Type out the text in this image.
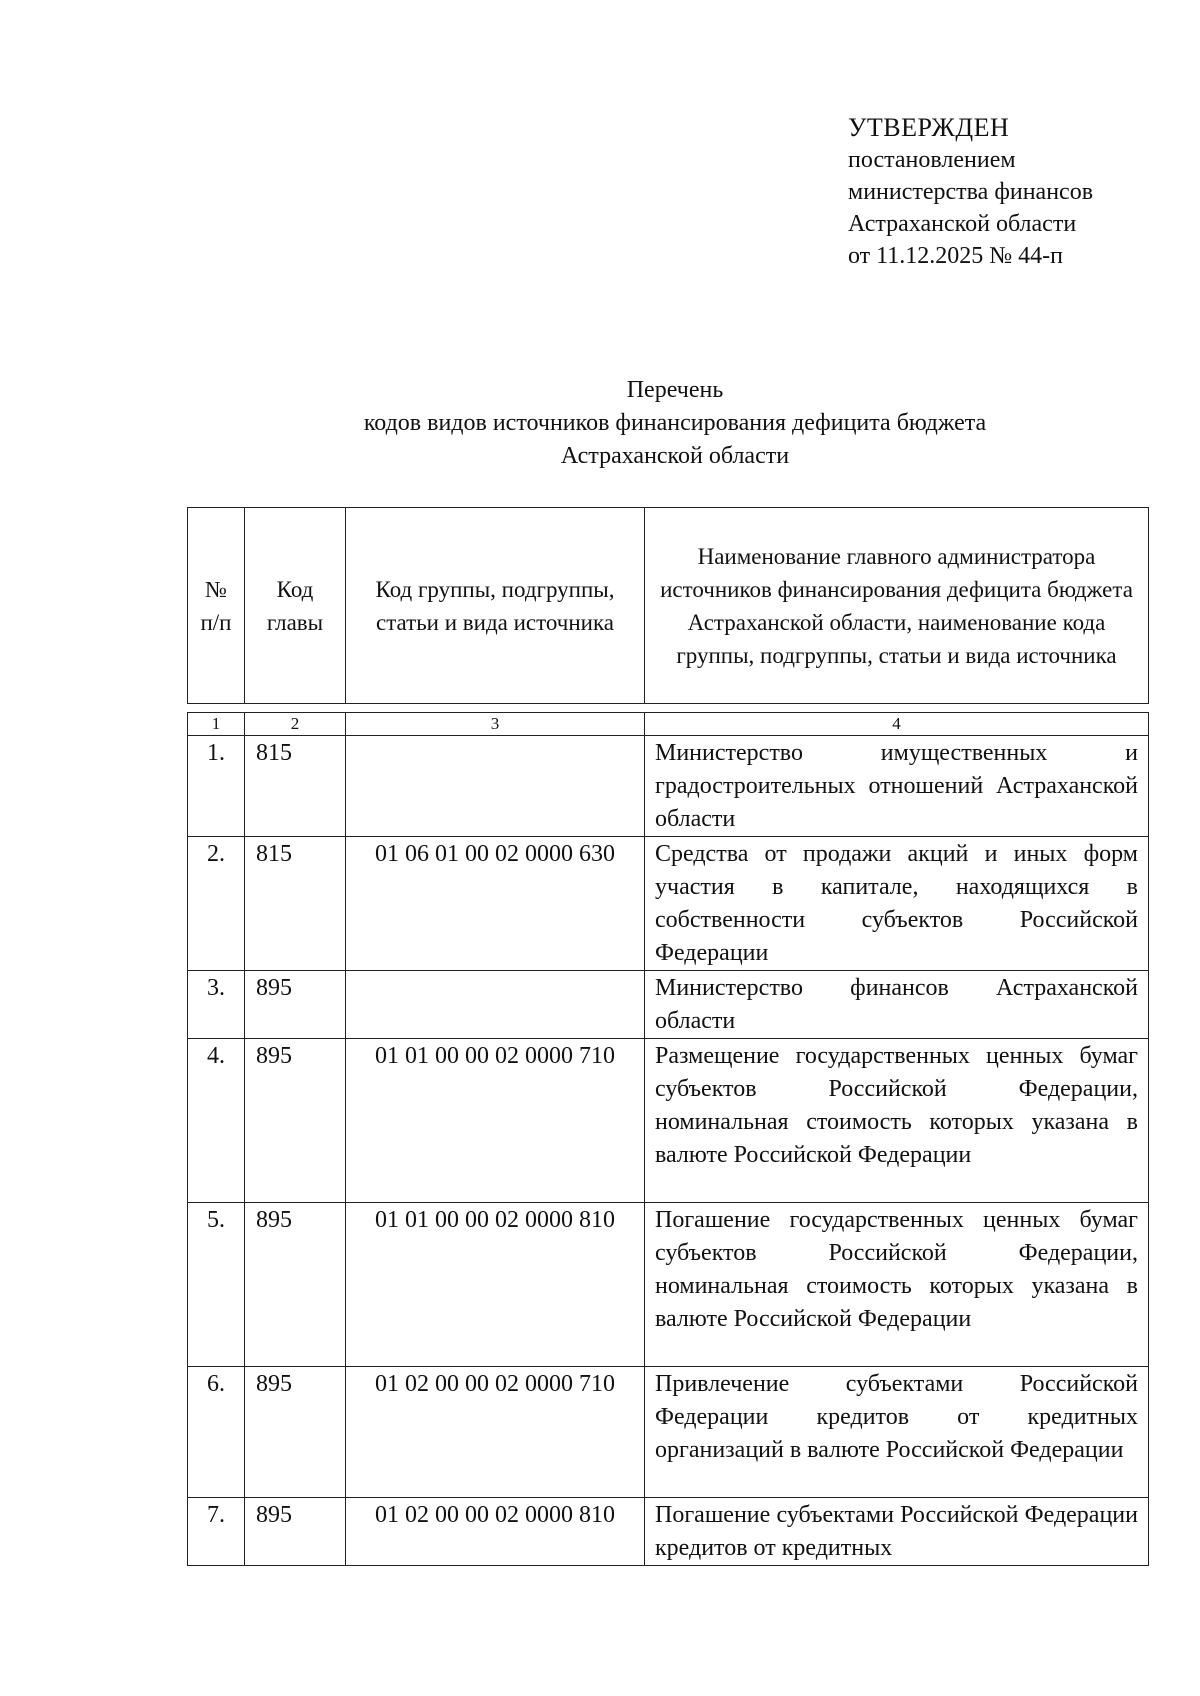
УТВЕРЖДЕН
постановлением
министерства финансов
Астраханской области
от 11.12.2025 № 44-п
Перечень
кодов видов источников финансирования дефицита бюджета
Астраханской области
№ п/п	Код главы	Код группы, подгруппы, статьи и вида источника	Наименование главного администратора источников финансирования дефицита бюджета Астраханской области, наименование кода группы, подгруппы, статьи и вида источника
1	2	3	4
1.	815		Министерство имущественных и градостроительных отношений Астраханской области
2.	815	01 06 01 00 02 0000 630	Средства от продажи акций и иных форм участия в капитале, находящихся в собственности субъектов Российской Федерации
3.	895		Министерство финансов Астраханской области
4.	895	01 01 00 00 02 0000 710	Размещение государственных ценных бумаг субъектов Российской Федерации, номинальная стоимость которых указана в валюте Российской Федерации
5.	895	01 01 00 00 02 0000 810	Погашение государственных ценных бумаг субъектов Российской Федерации, номинальная стоимость которых указана в валюте Российской Федерации
6.	895	01 02 00 00 02 0000 710	Привлечение субъектами Российской Федерации кредитов от кредитных организаций в валюте Российской Федерации
7.	895	01 02 00 00 02 0000 810	Погашение субъектами Российской Федерации кредитов от кредитных
